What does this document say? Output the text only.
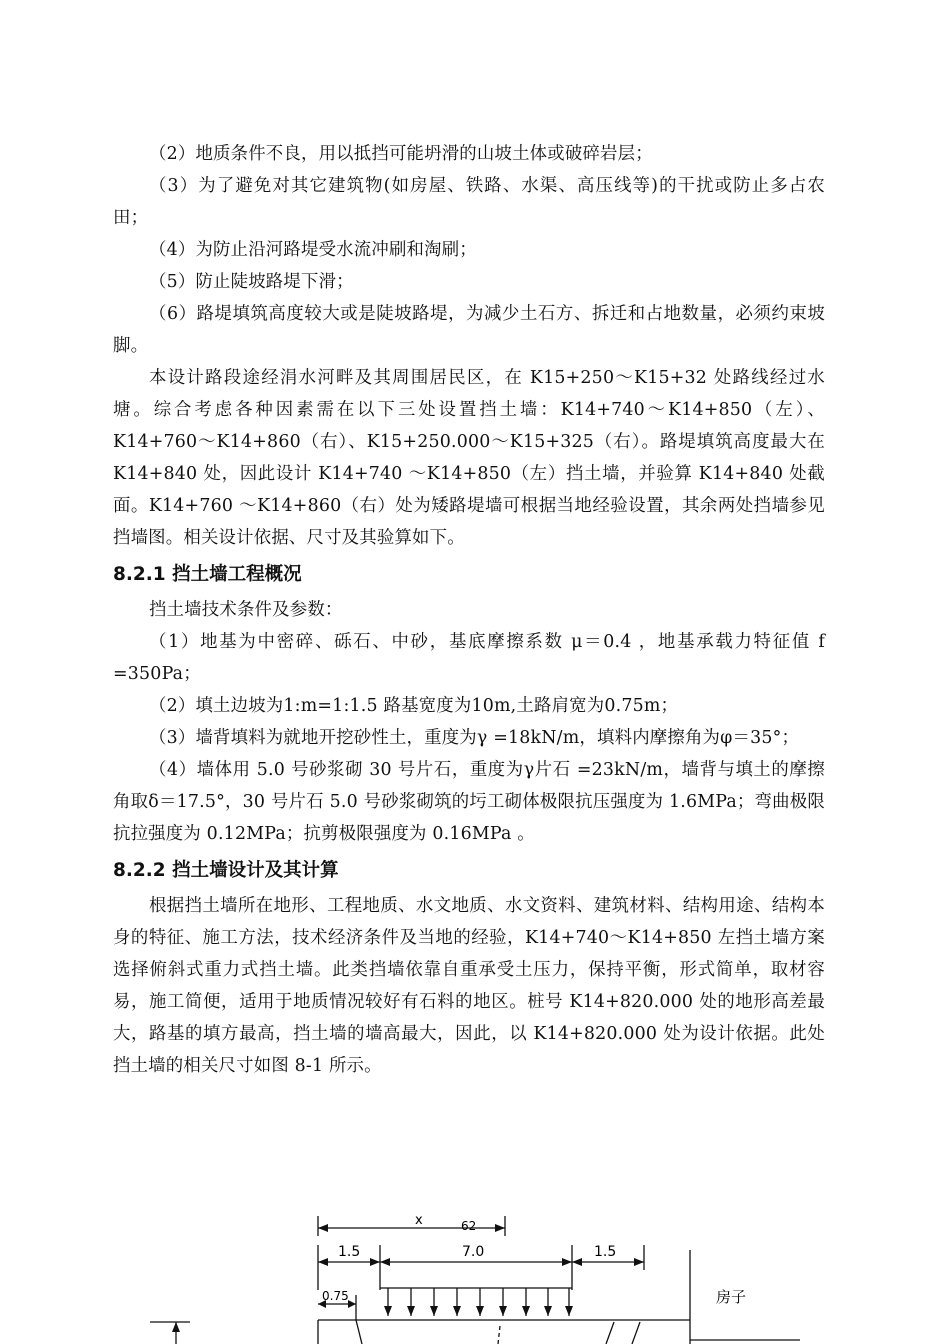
（2）地质条件不良，用以抵挡可能坍滑的山坡土体或破碎岩层；

（3）为了避免对其它建筑物(如房屋、铁路、水渠、高压线等)的干扰或防止多占农田；

（4）为防止沿河路堤受水流冲刷和淘刷；

（5）防止陡坡路堤下滑；

（6）路堤填筑高度较大或是陡坡路堤，为减少土石方、拆迁和占地数量，必须约束坡脚。

本设计路段途经涓水河畔及其周围居民区，在 K15+250～K15+32 处路线经过水塘。综合考虑各种因素需在以下三处设置挡土墙：K14+740～K14+850（左）、K14+760～K14+860（右）、K15+250.000～K15+325（右）。路堤填筑高度最大在 K14+840 处，因此设计 K14+740 ～K14+850（左）挡土墙，并验算 K14+840 处截面。K14+760 ～K14+860（右）处为矮路堤墙可根据当地经验设置，其余两处挡墙参见挡墙图。相关设计依据、尺寸及其验算如下。

8.2.1 挡土墙工程概况

挡土墙技术条件及参数：

（1）地基为中密碎、砾石、中砂，基底摩擦系数 μ＝0.4 ，地基承载力特征值 f =350Pa；

（2）填土边坡为1:m=1:1.5 路基宽度为10m,土路肩宽为0.75m；

（3）墙背填料为就地开挖砂性土，重度为γ =18kN/m，填料内摩擦角为φ＝35°；

（4）墙体用 5.0 号砂浆砌 30 号片石，重度为γ片石 =23kN/m，墙背与填土的摩擦角取δ＝17.5°，30 号片石 5.0 号砂浆砌筑的圬工砌体极限抗压强度为 1.6MPa；弯曲极限抗拉强度为 0.12MPa；抗剪极限强度为 0.16MPa 。

8.2.2 挡土墙设计及其计算

根据挡土墙所在地形、工程地质、水文地质、水文资料、建筑材料、结构用途、结构本身的特征、施工方法，技术经济条件及当地的经验，K14+740～K14+850 左挡土墙方案选择俯斜式重力式挡土墙。此类挡墙依靠自重承受土压力，保持平衡，形式简单，取材容易，施工简便，适用于地质情况较好有石料的地区。桩号 K14+820.000 处的地形高差最大，路基的填方最高，挡土墙的墙高最大，因此，以 K14+820.000 处为设计依据。此处挡土墙的相关尺寸如图 8-1 所示。

x	62
1.5	7.0	1.5
0.75	房子
